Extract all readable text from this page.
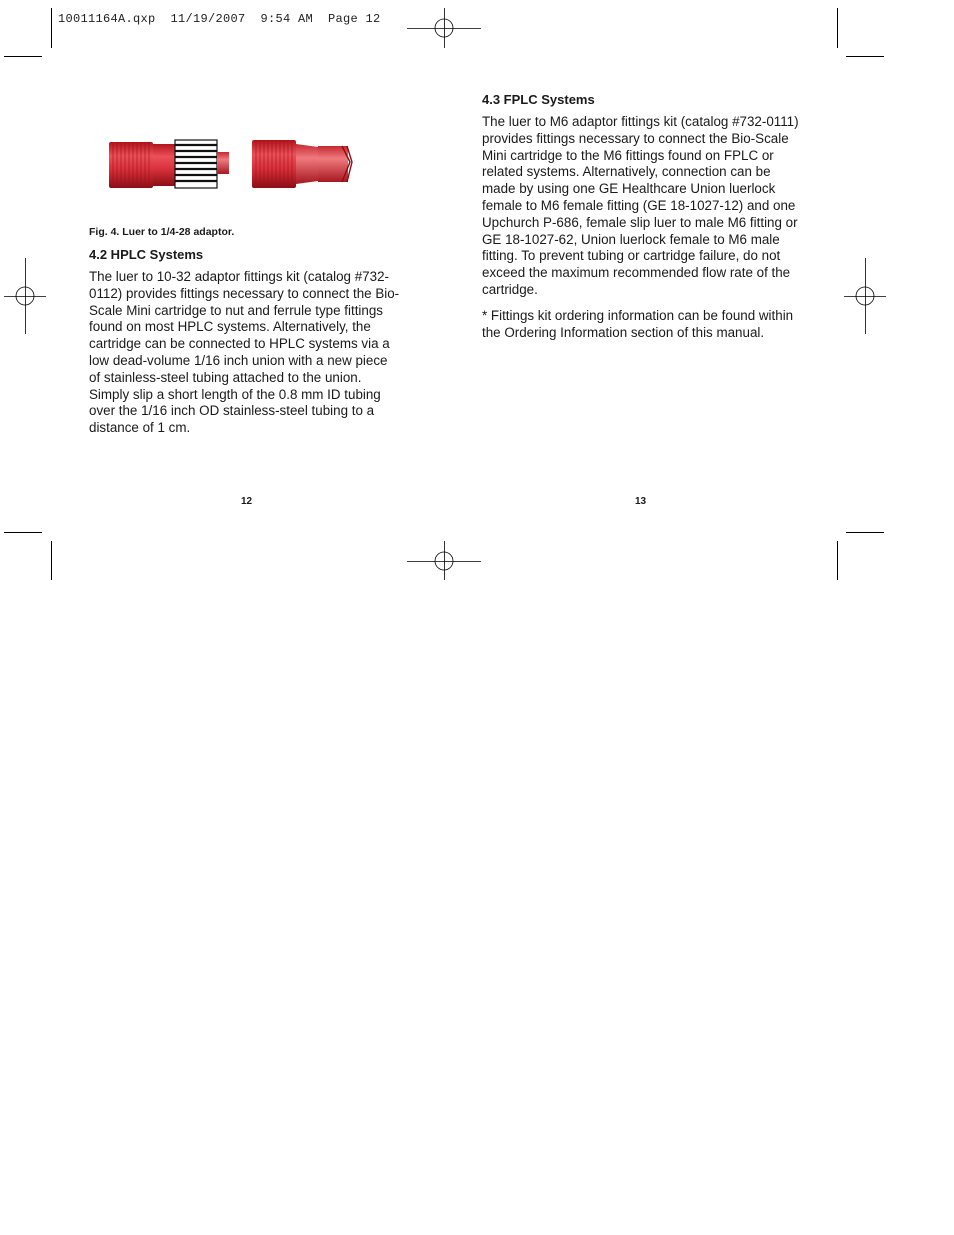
10011164A.qxp  11/19/2007  9:54 AM  Page 12
Fig. 4. Luer to 1/4-28 adaptor.
4.2 HPLC Systems

The luer to 10-32 adaptor fittings kit (catalog #732-0112) provides fittings necessary to connect the Bio-Scale Mini cartridge to nut and ferrule type fittings found on most HPLC systems. Alternatively, the cartridge can be connected to HPLC systems via a low dead-volume 1/16 inch union with a new piece of stainless-steel tubing attached to the union. Simply slip a short length of the 0.8 mm ID tubing over the 1/16 inch OD stainless-steel tubing to a distance of 1 cm.

4.3 FPLC Systems

The luer to M6 adaptor fittings kit (catalog #732-0111) provides fittings necessary to connect the Bio-Scale Mini cartridge to the M6 fittings found on FPLC or related systems. Alternatively, connection can be made by using one GE Healthcare Union luerlock female to M6 female fitting (GE 18-1027-12) and one Upchurch P-686, female slip luer to male M6 fitting or GE 18-1027-62, Union luerlock female to M6 male fitting. To prevent tubing or cartridge failure, do not exceed the maximum recommended flow rate of the cartridge.

* Fittings kit ordering information can be found within the Ordering Information section of this manual.

12	13
